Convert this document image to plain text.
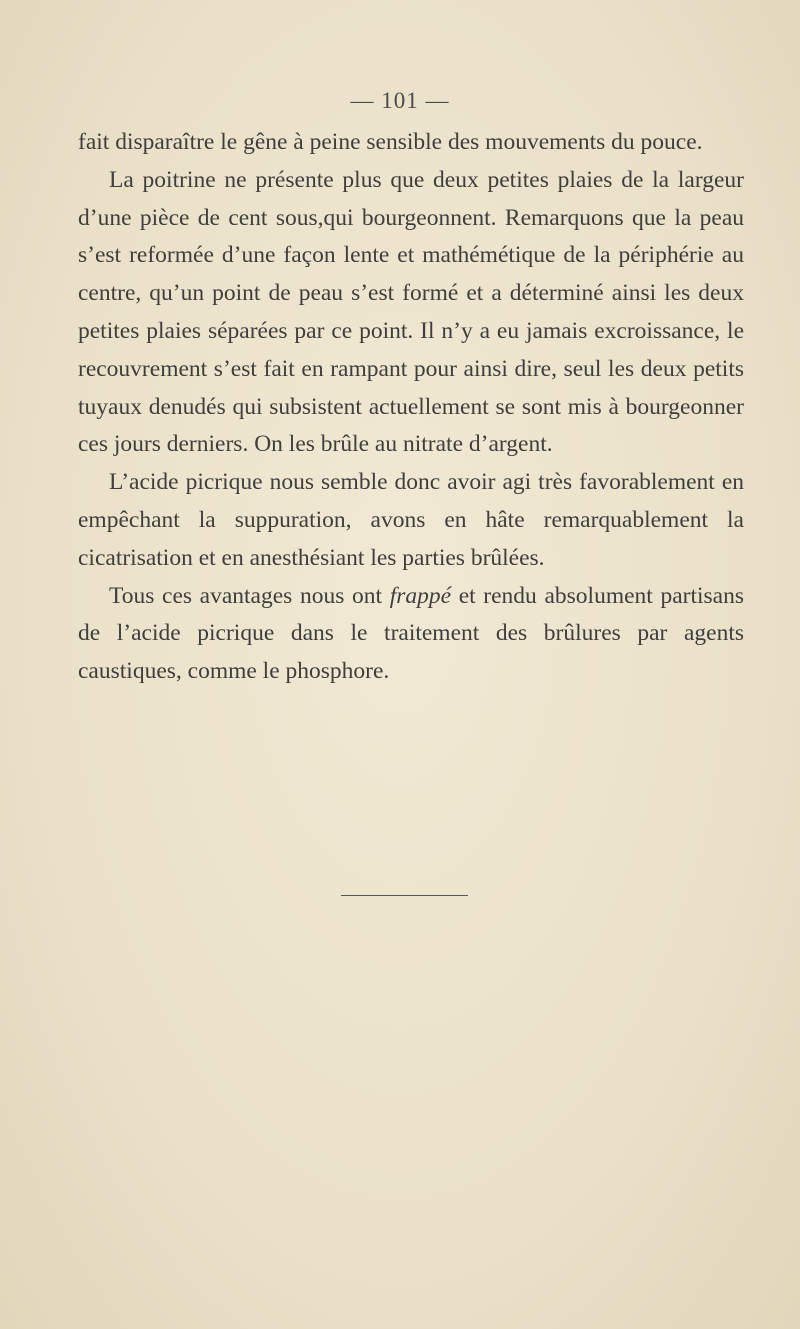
— 101 —

fait disparaître le gêne à peine sensible des mouvements du pouce.

La poitrine ne présente plus que deux petites plaies de la largeur d’une pièce de cent sous,qui bourgeonnent. Remarquons que la peau s’est reformée d’une façon lente et mathémétique de la périphérie au centre, qu’un point de peau s’est formé et a déterminé ainsi les deux petites plaies séparées par ce point. Il n’y a eu jamais excroissance, le recouvrement s’est fait en rampant pour ainsi dire, seul les deux petits tuyaux denudés qui subsistent actuellement se sont mis à bourgeonner ces jours derniers. On les brûle au nitrate d’argent.

L’acide picrique nous semble donc avoir agi très favorablement en empêchant la suppuration, avons en hâte remarquablement la cicatrisation et en anesthésiant les parties brûlées.

Tous ces avantages nous ont frappé et rendu absolument partisans de l’acide picrique dans le traitement des brûlures par agents caustiques, comme le phosphore.
